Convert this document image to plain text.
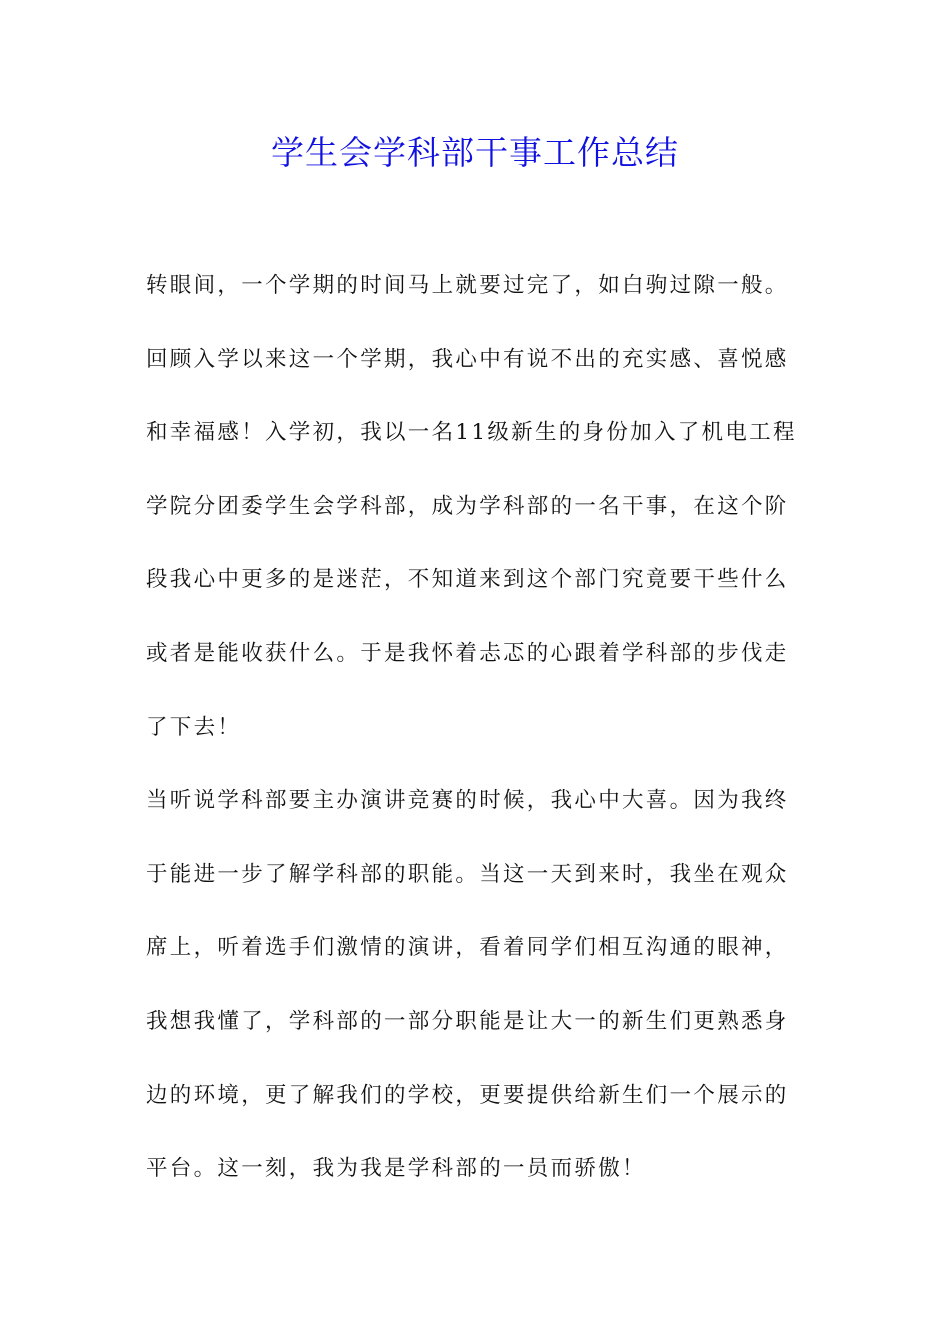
学生会学科部干事工作总结
转眼间，一个学期的时间马上就要过完了，如白驹过隙一般。
回顾入学以来这一个学期，我心中有说不出的充实感、喜悦感
和幸福感！入学初，我以一名11级新生的身份加入了机电工程
学院分团委学生会学科部，成为学科部的一名干事，在这个阶
段我心中更多的是迷茫，不知道来到这个部门究竟要干些什么
或者是能收获什么。于是我怀着忐忑的心跟着学科部的步伐走
了下去！
当听说学科部要主办演讲竞赛的时候，我心中大喜。因为我终
于能进一步了解学科部的职能。当这一天到来时，我坐在观众
席上，听着选手们激情的演讲，看着同学们相互沟通的眼神，
我想我懂了，学科部的一部分职能是让大一的新生们更熟悉身
边的环境，更了解我们的学校，更要提供给新生们一个展示的
平台。这一刻，我为我是学科部的一员而骄傲！
